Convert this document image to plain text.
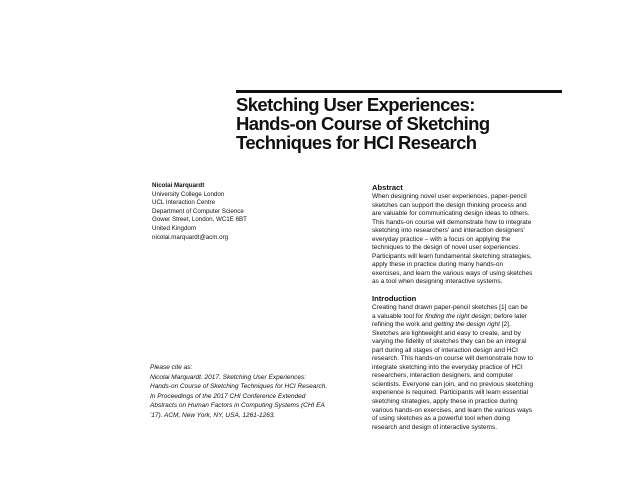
Sketching User Experiences:
Hands-on Course of Sketching
Techniques for HCI Research
Nicolai Marquardt
University College London
UCL Interaction Centre
Department of Computer Science
Gower Street, London, WC1E 6BT
United Kingdom
nicolai.marquardt@acm.org
Please cite as:
Nicolai Marquardt. 2017. Sketching User Experiences:
Hands-on Course of Sketching Techniques for HCI Research.
In Proceedings of the 2017 CHI Conference Extended
Abstracts on Human Factors in Computing Systems (CHI EA
'17). ACM, New York, NY, USA, 1261-1263.
Abstract
When designing novel user experiences, paper-pencil
sketches can support the design thinking process and
are valuable for communicating design ideas to others.
This hands-on course will demonstrate how to integrate
sketching into researchers' and interaction designers'
everyday practice – with a focus on applying the
techniques to the design of novel user experiences.
Participants will learn fundamental sketching strategies,
apply these in practice during many hands-on
exercises, and learn the various ways of using sketches
as a tool when designing interactive systems.
Introduction
Creating hand drawn paper-pencil sketches [1] can be
a valuable tool for finding the right design; before later
refining the work and getting the design right [2].
Sketches are lightweight and easy to create, and by
varying the fidelity of sketches they can be an integral
part during all stages of interaction design and HCI
research. This hands-on course will demonstrate how to
integrate sketching into the everyday practice of HCI
researchers, interaction designers, and computer
scientists. Everyone can join, and no previous sketching
experience is required. Participants will learn essential
sketching strategies, apply these in practice during
various hands-on exercises, and learn the various ways
of using sketches as a powerful tool when doing
research and design of interactive systems.
